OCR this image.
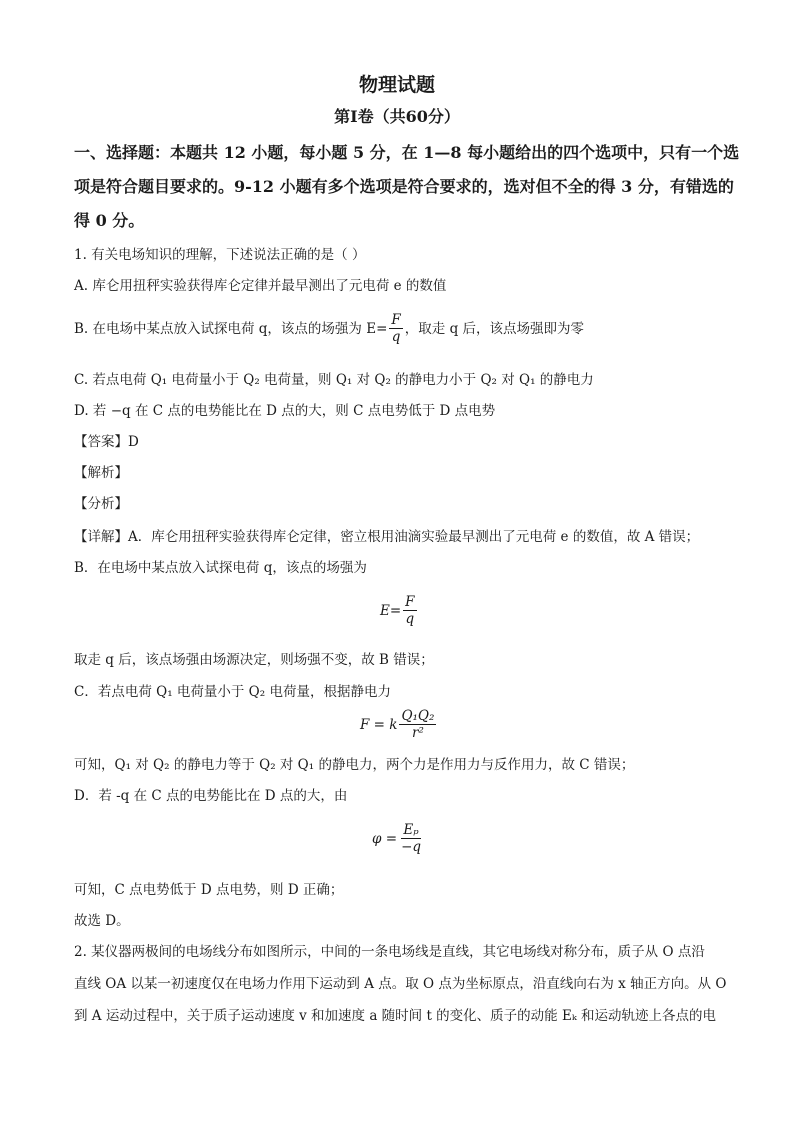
物理试题
第Ⅰ卷（共60分）
一、选择题：本题共 12 小题，每小题 5 分，在 1—8 每小题给出的四个选项中，只有一个选
项是符合题目要求的。9-12 小题有多个选项是符合要求的，选对但不全的得 3 分，有错选的
得 0 分。
1. 有关电场知识的理解，下述说法正确的是（ ）
A. 库仑用扭秤实验获得库仑定律并最早测出了元电荷 e 的数值
B. 在电场中某点放入试探电荷 q，该点的场强为 $E= \frac{F}{q}$ ，取走 q 后，该点场强即为零
C. 若点电荷 Q₁ 电荷量小于 Q₂ 电荷量，则 Q₁ 对 Q₂ 的静电力小于 Q₂ 对 Q₁ 的静电力
D. 若 −q 在 C 点的电势能比在 D 点的大，则 C 点电势低于 D 点电势
【答案】D
【解析】
【分析】
【详解】A．库仑用扭秤实验获得库仑定律，密立根用油滴实验最早测出了元电荷 e 的数值，故 A 错误；
B．在电场中某点放入试探电荷 q，该点的场强为
$E= \frac{F}{q}$
取走 q 后，该点场强由场源决定，则场强不变，故 B 错误；
C．若点电荷 Q₁ 电荷量小于 Q₂ 电荷量，根据静电力
F = k $\frac{\text{Q₁Q₂}}{\text{r²}}$
可知，Q₁ 对 Q₂ 的静电力等于 Q₂ 对 Q₁ 的静电力，两个力是作用力与反作用力，故 C 错误；
D．若 -q 在 C 点的电势能比在 D 点的大，由
$\varphi = \frac{\text{Eₚ}}{-q}$
可知，C 点电势低于 D 点电势，则 D 正确；
故选 D。
2. 某仪器两极间的电场线分布如图所示，中间的一条电场线是直线，其它电场线对称分布，质子从 O 点沿
直线 OA 以某一初速度仅在电场力作用下运动到 A 点。取 O 点为坐标原点，沿直线向右为 x 轴正方向。从 O
到 A 运动过程中，关于质子运动速度 v 和加速度 a 随时间 t 的变化、质子的动能 Eₖ 和运动轨迹上各点的电
